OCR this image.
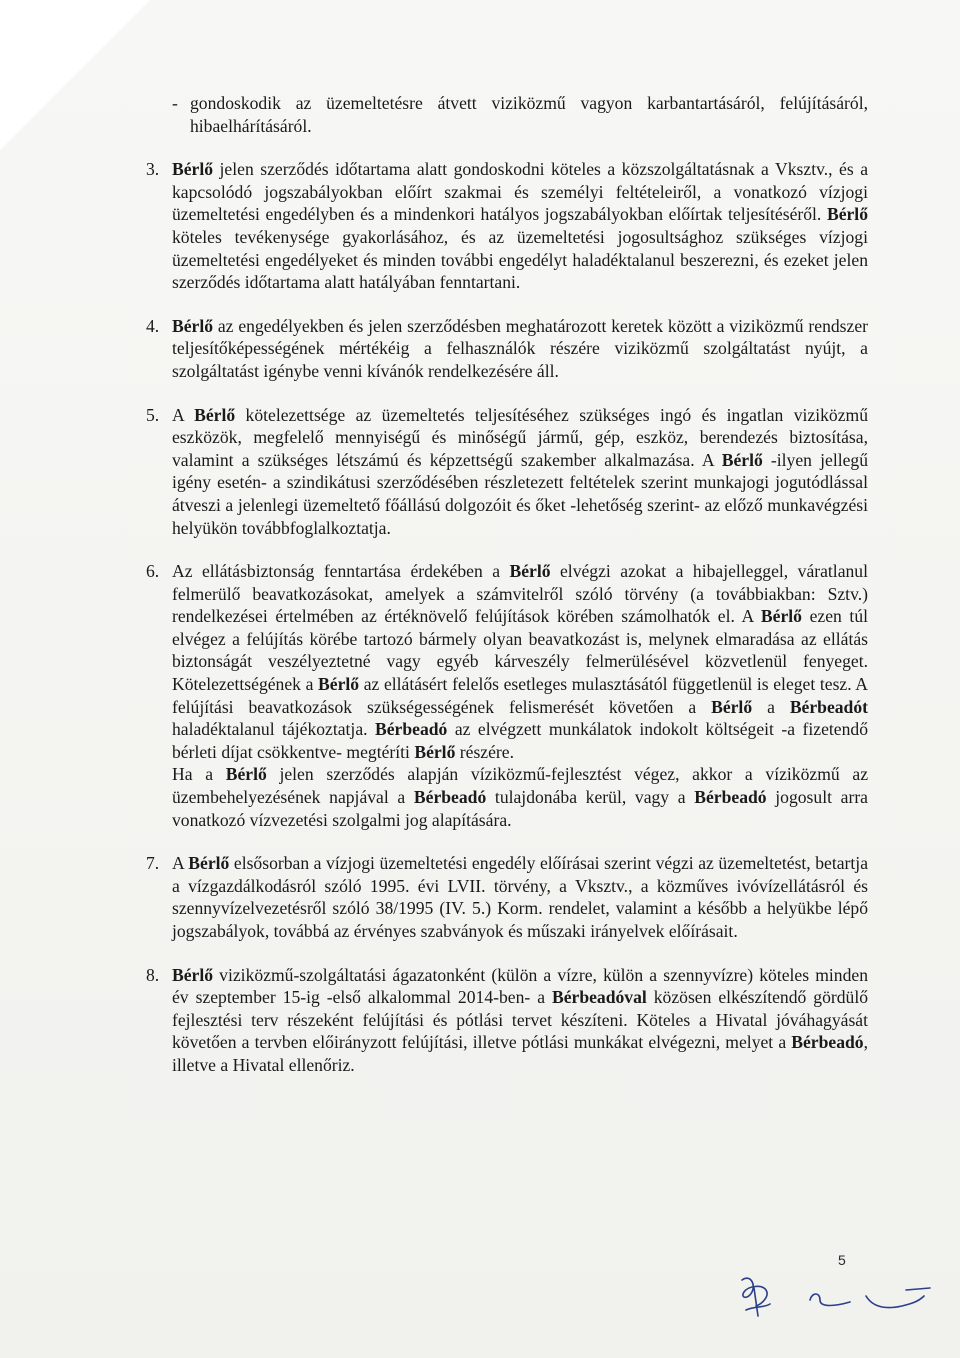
- gondoskodik az üzemeltetésre átvett viziközmű vagyon karbantartásáról, felújításáról, hibaelhárításáról.

3. Bérlő jelen szerződés időtartama alatt gondoskodni köteles a közszolgáltatásnak a Vksztv., és a kapcsolódó jogszabályokban előírt szakmai és személyi feltételeiről, a vonatkozó vízjogi üzemeltetési engedélyben és a mindenkori hatályos jogszabályokban előírtak teljesítéséről. Bérlő köteles tevékenysége gyakorlásához, és az üzemeltetési jogosultsághoz szükséges vízjogi üzemeltetési engedélyeket és minden további engedélyt haladéktalanul beszerezni, és ezeket jelen szerződés időtartama alatt hatályában fenntartani.

4. Bérlő az engedélyekben és jelen szerződésben meghatározott keretek között a viziközmű rendszer teljesítőképességének mértékéig a felhasználók részére viziközmű szolgáltatást nyújt, a szolgáltatást igénybe venni kívánók rendelkezésére áll.

5. A Bérlő kötelezettsége az üzemeltetés teljesítéséhez szükséges ingó és ingatlan viziközmű eszközök, megfelelő mennyiségű és minőségű jármű, gép, eszköz, berendezés biztosítása, valamint a szükséges létszámú és képzettségű szakember alkalmazása. A Bérlő -ilyen jellegű igény esetén- a szindikátusi szerződésében részletezett feltételek szerint munkajogi jogutódlással átveszi a jelenlegi üzemeltető főállású dolgozóit és őket -lehetőség szerint- az előző munkavégzési helyükön továbbfoglalkoztatja.

6. Az ellátásbiztonság fenntartása érdekében a Bérlő elvégzi azokat a hibajelleggel, váratlanul felmerülő beavatkozásokat, amelyek a számvitelről szóló törvény (a továbbiakban: Sztv.) rendelkezései értelmében az értéknövelő felújítások körében számolhatók el. A Bérlő ezen túl elvégez a felújítás körébe tartozó bármely olyan beavatkozást is, melynek elmaradása az ellátás biztonságát veszélyeztetné vagy egyéb kárveszély felmerülésével közvetlenül fenyeget. Kötelezettségének a Bérlő az ellátásért felelős esetleges mulasztásától függetlenül is eleget tesz. A felújítási beavatkozások szükségességének felismerését követően a Bérlő a Bérbeadót haladéktalanul tájékoztatja. Bérbeadó az elvégzett munkálatok indokolt költségeit -a fizetendő bérleti díjat csökkentve- megtéríti Bérlő részére.
Ha a Bérlő jelen szerződés alapján víziközmű-fejlesztést végez, akkor a víziközmű az üzembehelyezésének napjával a Bérbeadó tulajdonába kerül, vagy a Bérbeadó jogosult arra vonatkozó vízvezetési szolgalmi jog alapítására.

7. A Bérlő elsősorban a vízjogi üzemeltetési engedély előírásai szerint végzi az üzemeltetést, betartja a vízgazdálkodásról szóló 1995. évi LVII. törvény, a Vksztv., a közműves ivóvízellátásról és szennyvízelvezetésről szóló 38/1995 (IV. 5.) Korm. rendelet, valamint a később a helyükbe lépő jogszabályok, továbbá az érvényes szabványok és műszaki irányelvek előírásait.

8. Bérlő viziközmű-szolgáltatási ágazatonként (külön a vízre, külön a szennyvízre) köteles minden év szeptember 15-ig -első alkalommal 2014-ben- a Bérbeadóval közösen elkészítendő gördülő fejlesztési terv részeként felújítási és pótlási tervet készíteni. Köteles a Hivatal jóváhagyását követően a tervben előirányzott felújítási, illetve pótlási munkákat elvégezni, melyet a Bérbeadó, illetve a Hivatal ellenőriz.

5
